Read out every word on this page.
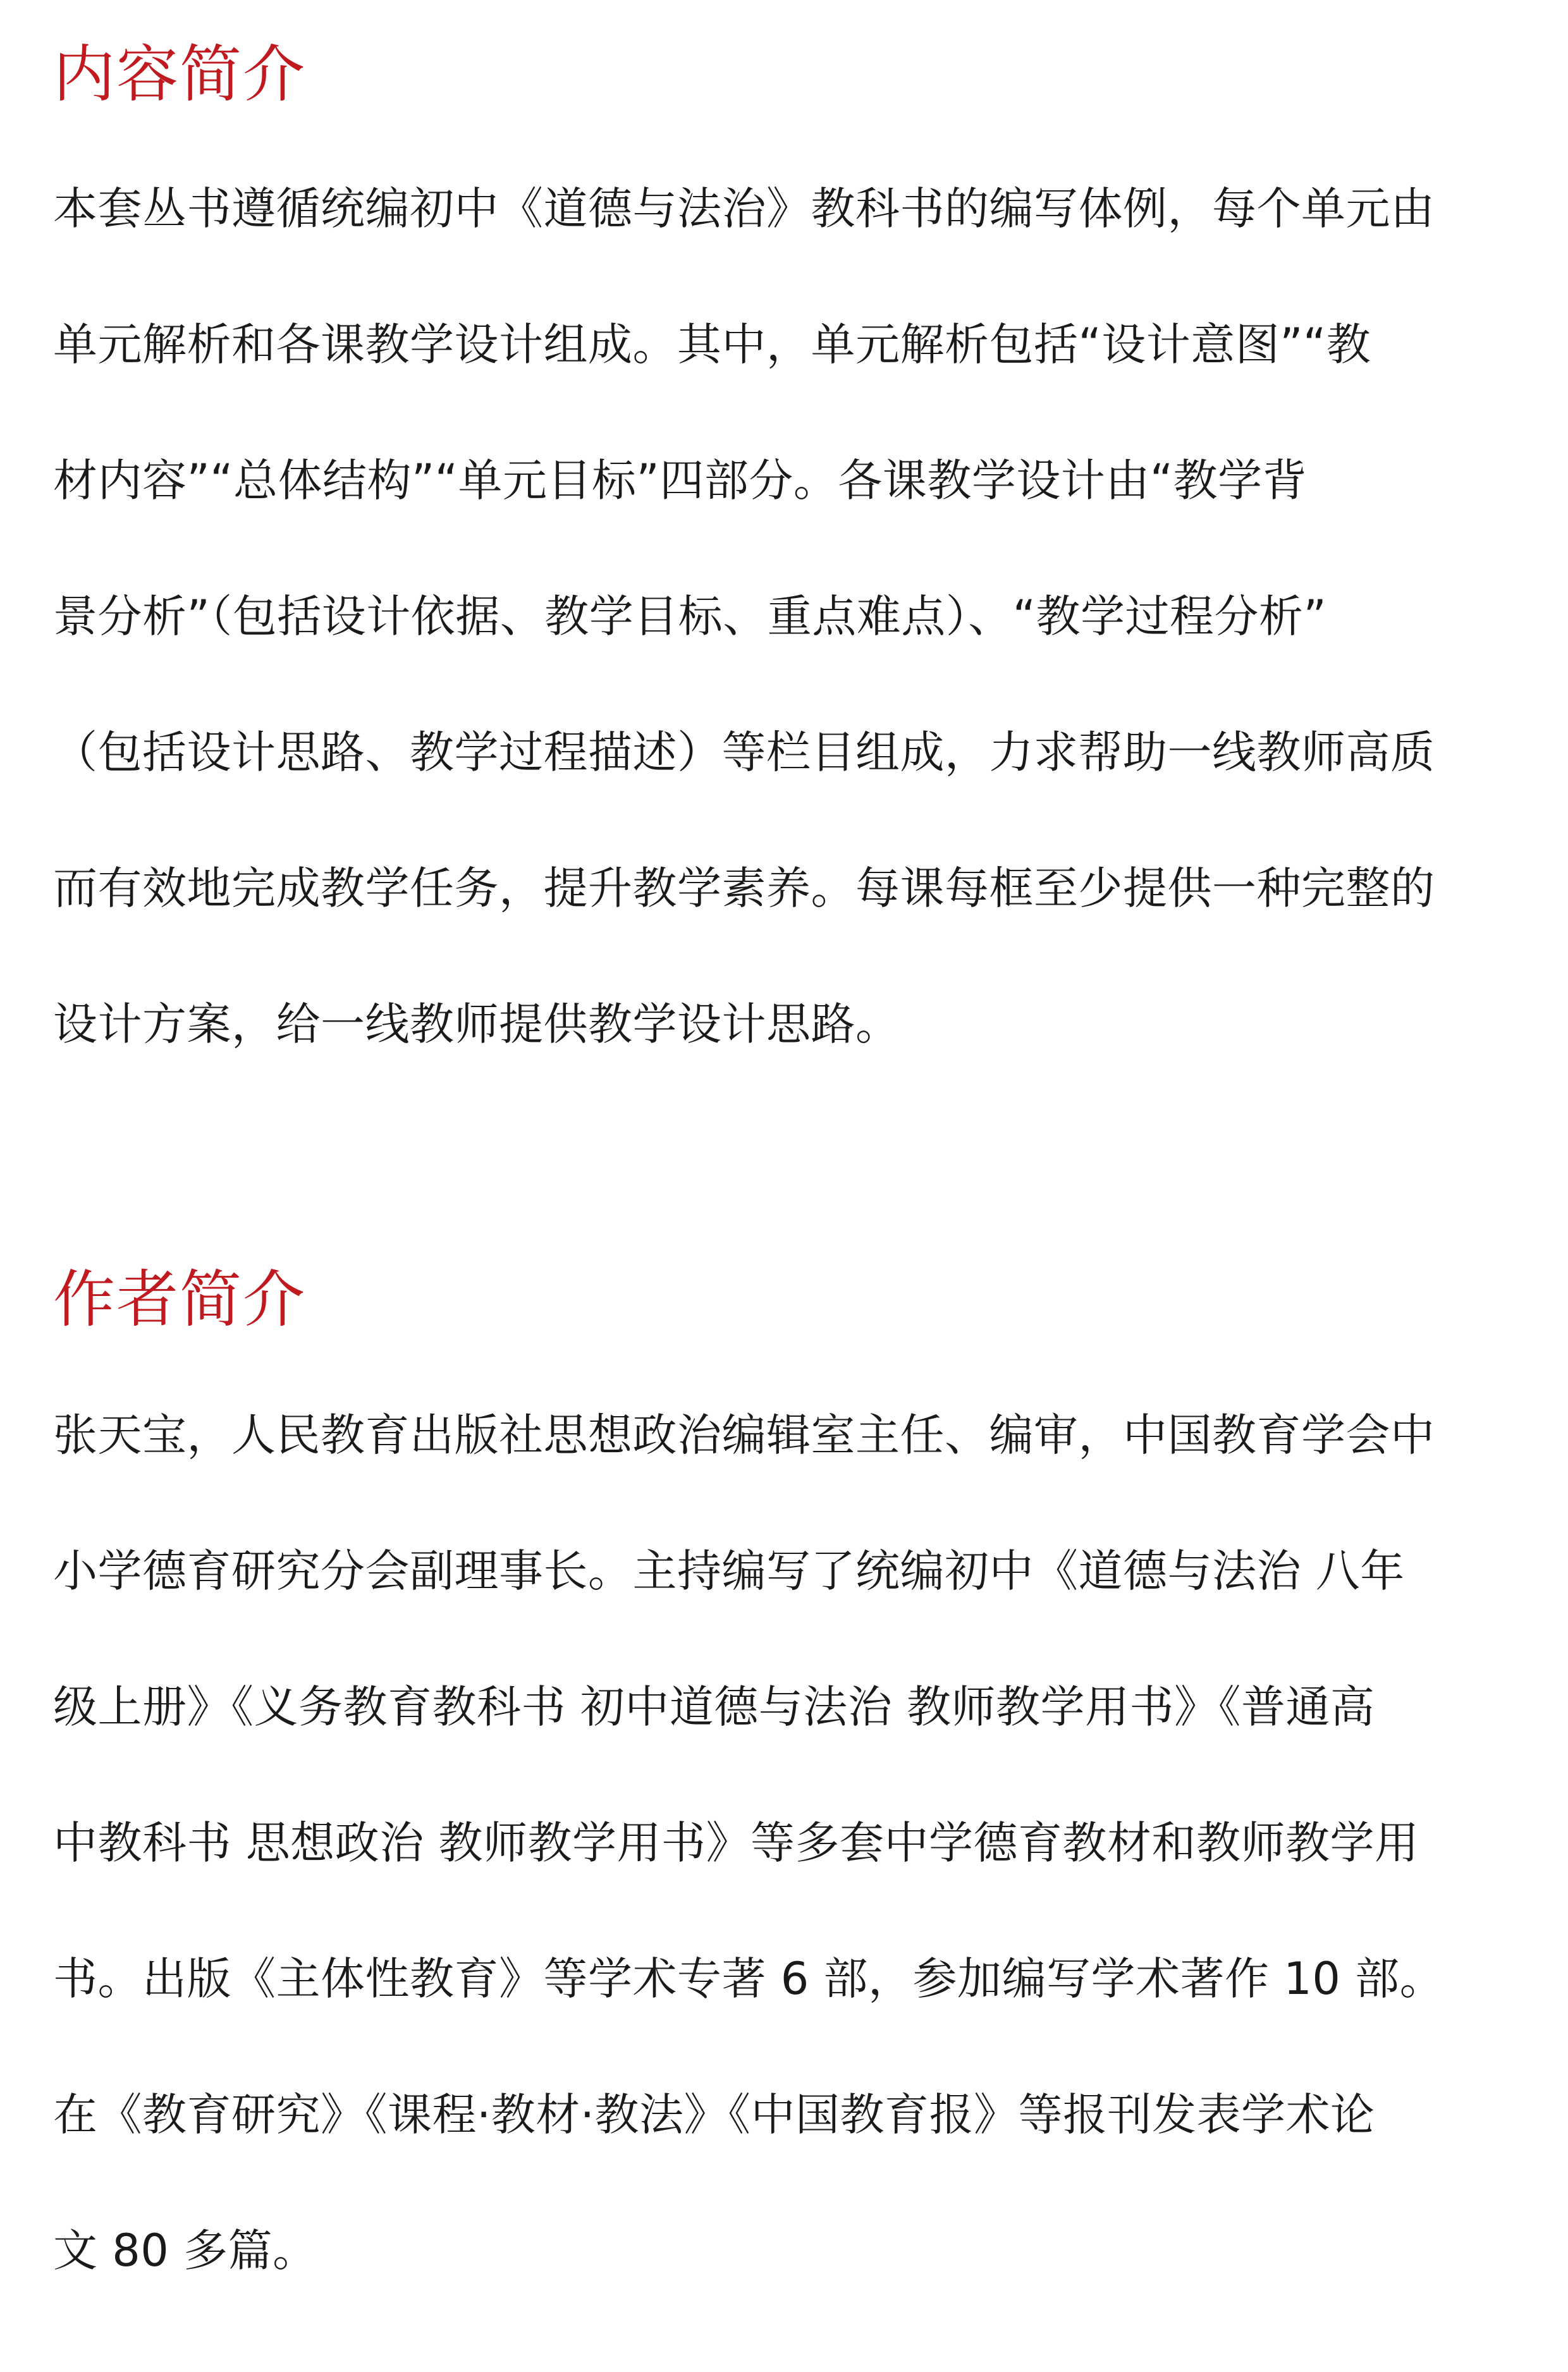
内容简介

本套丛书遵循统编初中《道德与法治》教科书的编写体例，每个单元由

单元解析和各课教学设计组成。其中，单元解析包括“设计意图”“教

材内容”“总体结构”“单元目标”四部分。各课教学设计由“教学背

景分析”（包括设计依据、教学目标、重点难点）、“教学过程分析”

（包括设计思路、教学过程描述）等栏目组成，力求帮助一线教师高质

而有效地完成教学任务，提升教学素养。每课每框至少提供一种完整的

设计方案，给一线教师提供教学设计思路。

作者简介

张天宝，人民教育出版社思想政治编辑室主任、编审，中国教育学会中

小学德育研究分会副理事长。主持编写了统编初中《道德与法治 八年

级上册》《义务教育教科书 初中道德与法治 教师教学用书》《普通高

中教科书 思想政治 教师教学用书》等多套中学德育教材和教师教学用

书。出版《主体性教育》等学术专著 6 部，参加编写学术著作 10 部。

在《教育研究》《课程·教材·教法》《中国教育报》等报刊发表学术论

文 80 多篇。
